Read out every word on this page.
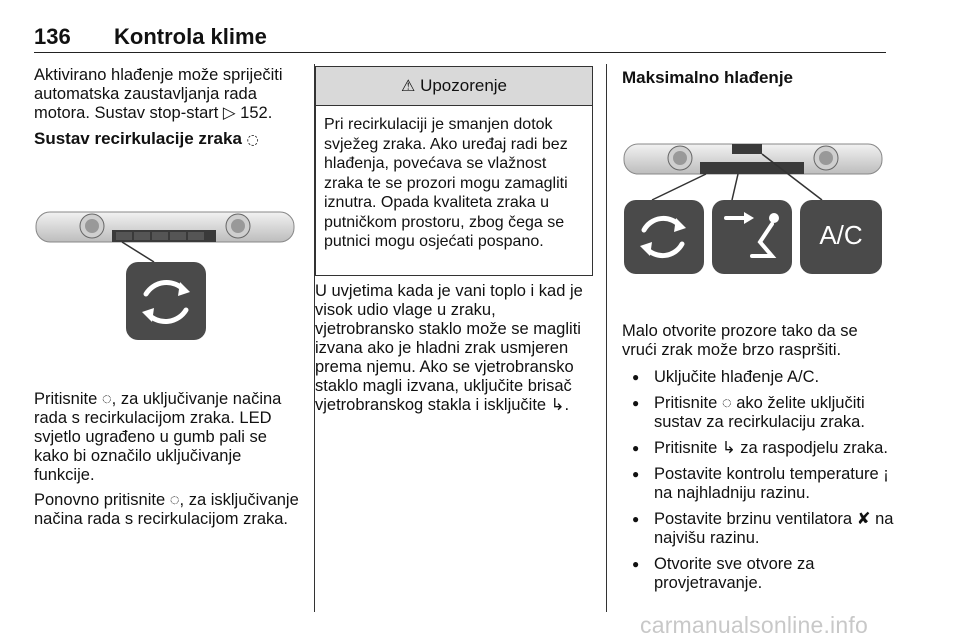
136 Kontrola klime

Aktivirano hlađenje može spriječiti automatska zaustavljanja rada motora. Sustav stop-start ▷ 152.

Sustav recirkulacije zraka ◌

Pritisnite ◌, za uključivanje načina rada s recirkulacijom zraka. LED svjetlo ugrađeno u gumb pali se kako bi označilo uključivanje funkcije.

Ponovno pritisnite ◌, za isključivanje načina rada s recirkulacijom zraka.

⚠ Upozorenje
Pri recirkulaciji je smanjen dotok svježeg zraka. Ako uređaj radi bez hlađenja, povećava se vlažnost zraka te se prozori mogu zamagliti iznutra. Opada kvaliteta zraka u putničkom prostoru, zbog čega se putnici mogu osjećati pospano.

U uvjetima kada je vani toplo i kad je visok udio vlage u zraku, vjetrobransko staklo može se magliti izvana ako je hladni zrak usmjeren prema njemu. Ako se vjetrobransko staklo magli izvana, uključite brisač vjetrobranskog stakla i isključite ↳.

Maksimalno hlađenje

A/C

Malo otvorite prozore tako da se vrući zrak može brzo raspršiti.

● Uključite hlađenje A/C.
● Pritisnite ◌ ako želite uključiti sustav za recirkulaciju zraka.
● Pritisnite ↳ za raspodjelu zraka.
● Postavite kontrolu temperature ¡ na najhladniju razinu.
● Postavite brzinu ventilatora ✘ na najvišu razinu.
● Otvorite sve otvore za provjetravanje.
carmanualsonline.info
